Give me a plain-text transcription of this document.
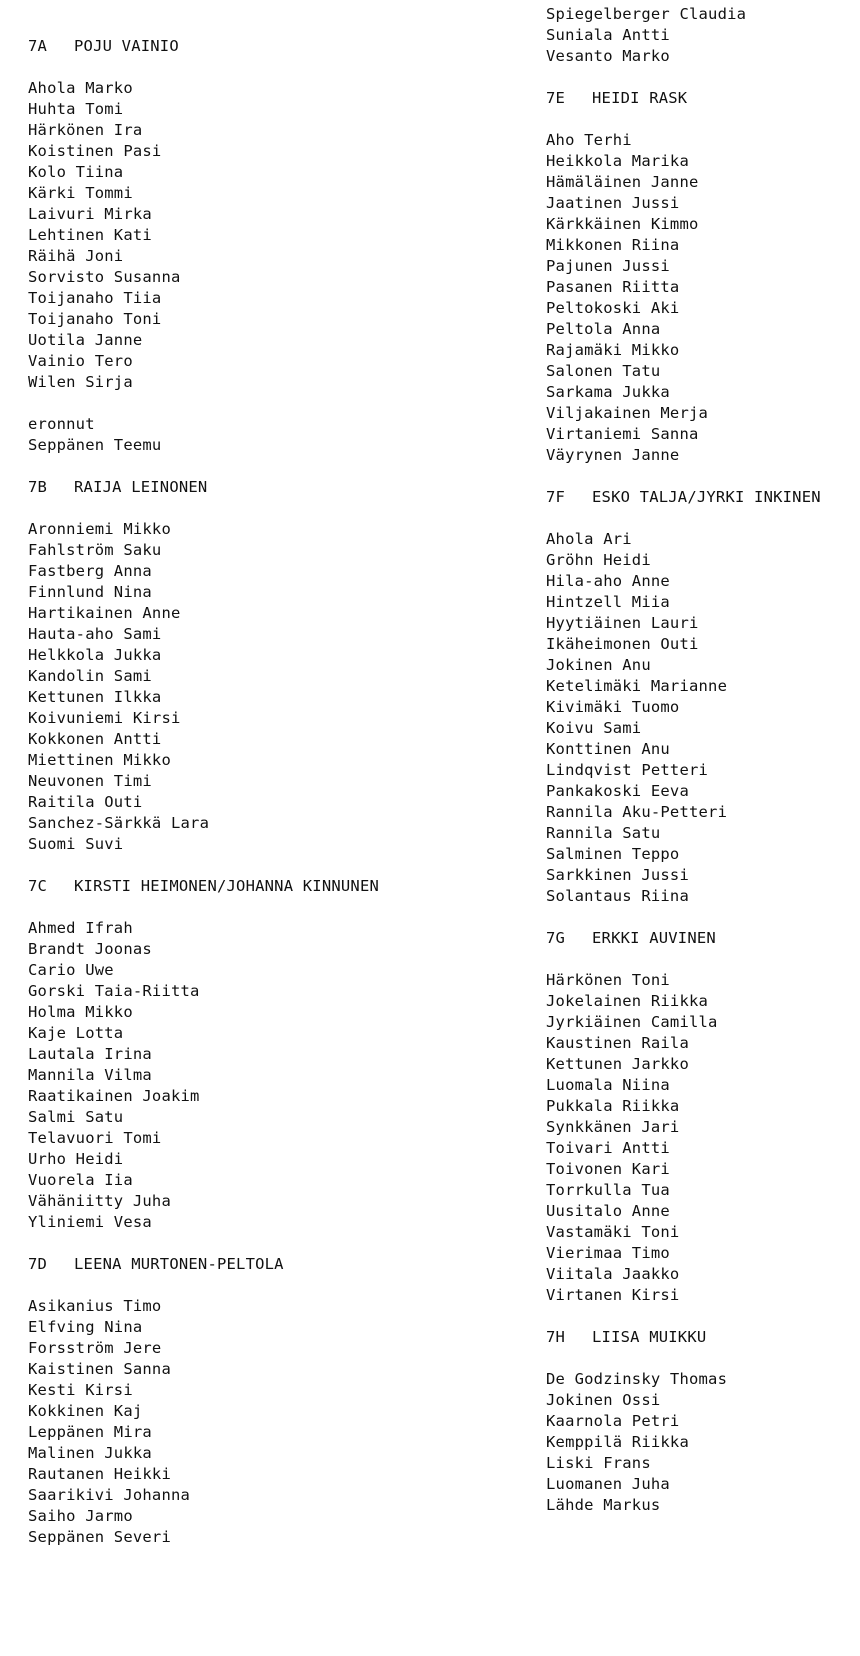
7A POJU VAINIO
Ahola Marko
Huhta Tomi
Härkönen Ira
Koistinen Pasi
Kolo Tiina
Kärki Tommi
Laivuri Mirka
Lehtinen Kati
Räihä Joni
Sorvisto Susanna
Toijanaho Tiia
Toijanaho Toni
Uotila Janne
Vainio Tero
Wilen Sirja
eronnut
Seppänen Teemu
7B RAIJA LEINONEN
Aronniemi Mikko
Fahlström Saku
Fastberg Anna
Finnlund Nina
Hartikainen Anne
Hauta-aho Sami
Helkkola Jukka
Kandolin Sami
Kettunen Ilkka
Koivuniemi Kirsi
Kokkonen Antti
Miettinen Mikko
Neuvonen Timi
Raitila Outi
Sanchez-Särkkä Lara
Suomi Suvi
7C KIRSTI HEIMONEN/JOHANNA KINNUNEN
Ahmed Ifrah
Brandt Joonas
Cario Uwe
Gorski Taia-Riitta
Holma Mikko
Kaje Lotta
Lautala Irina
Mannila Vilma
Raatikainen Joakim
Salmi Satu
Telavuori Tomi
Urho Heidi
Vuorela Iia
Vähäniitty Juha
Yliniemi Vesa
7D LEENA MURTONEN-PELTOLA
Asikanius Timo
Elfving Nina
Forsström Jere
Kaistinen Sanna
Kesti Kirsi
Kokkinen Kaj
Leppänen Mira
Malinen Jukka
Rautanen Heikki
Saarikivi Johanna
Saiho Jarmo
Seppänen Severi
Spiegelberger Claudia
Suniala Antti
Vesanto Marko
7E HEIDI RASK
Aho Terhi
Heikkola Marika
Hämäläinen Janne
Jaatinen Jussi
Kärkkäinen Kimmo
Mikkonen Riina
Pajunen Jussi
Pasanen Riitta
Peltokoski Aki
Peltola Anna
Rajamäki Mikko
Salonen Tatu
Sarkama Jukka
Viljakainen Merja
Virtaniemi Sanna
Väyrynen Janne
7F ESKO TALJA/JYRKI INKINEN
Ahola Ari
Gröhn Heidi
Hila-aho Anne
Hintzell Miia
Hyytiäinen Lauri
Ikäheimonen Outi
Jokinen Anu
Ketelimäki Marianne
Kivimäki Tuomo
Koivu Sami
Konttinen Anu
Lindqvist Petteri
Pankakoski Eeva
Rannila Aku-Petteri
Rannila Satu
Salminen Teppo
Sarkkinen Jussi
Solantaus Riina
7G ERKKI AUVINEN
Härkönen Toni
Jokelainen Riikka
Jyrkiäinen Camilla
Kaustinen Raila
Kettunen Jarkko
Luomala Niina
Pukkala Riikka
Synkkänen Jari
Toivari Antti
Toivonen Kari
Torrkulla Tua
Uusitalo Anne
Vastamäki Toni
Vierimaa Timo
Viitala Jaakko
Virtanen Kirsi
7H LIISA MUIKKU
De Godzinsky Thomas
Jokinen Ossi
Kaarnola Petri
Kemppilä Riikka
Liski Frans
Luomanen Juha
Lähde Markus
